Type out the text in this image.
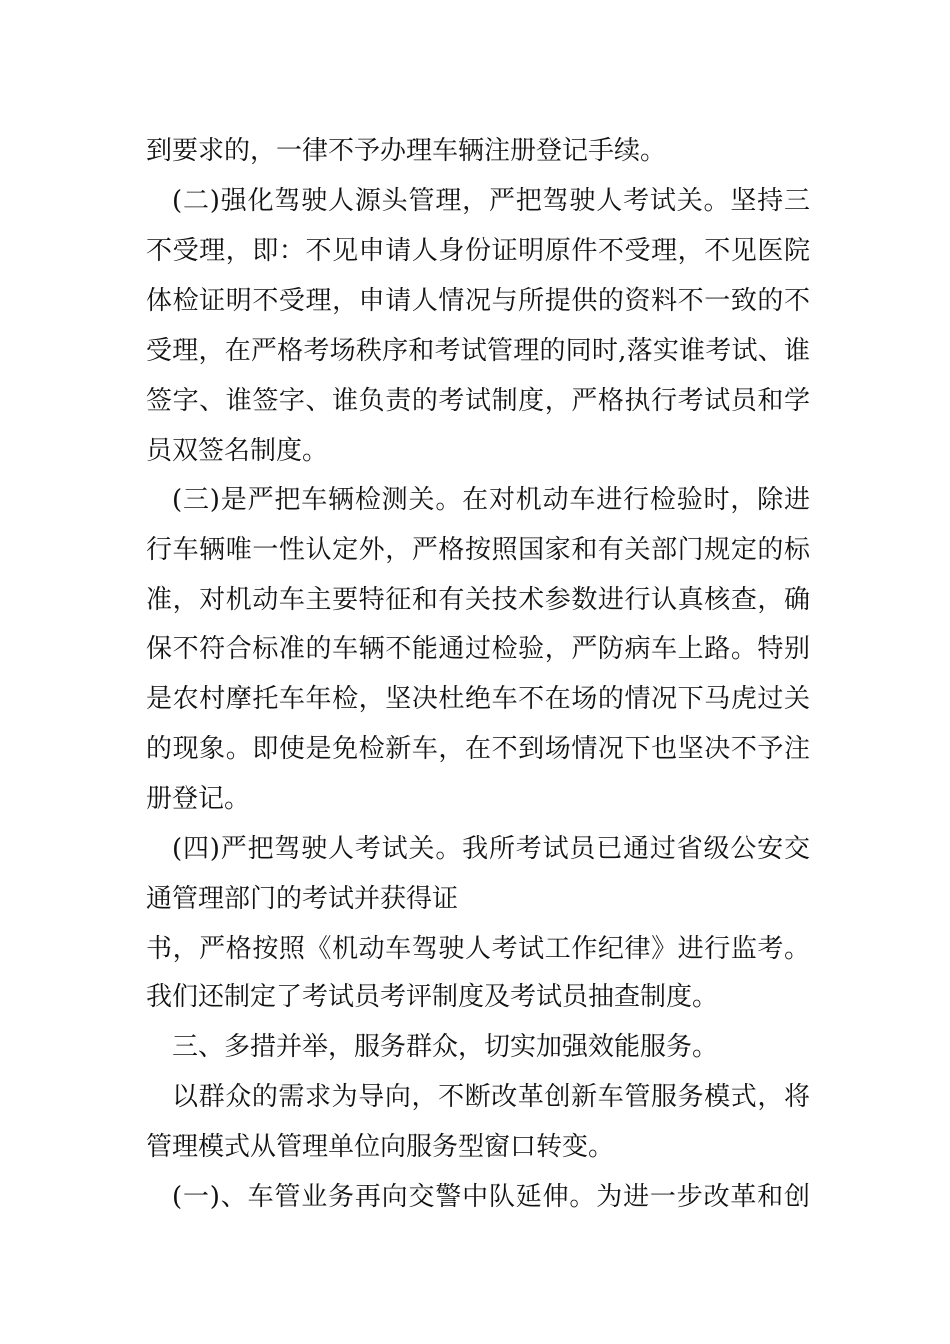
到要求的，一律不予办理车辆注册登记手续。
(二)强化驾驶人源头管理，严把驾驶人考试关。坚持三
不受理，即：不见申请人身份证明原件不受理，不见医院
体检证明不受理，申请人情况与所提供的资料不一致的不
受理，在严格考场秩序和考试管理的同时,落实谁考试、谁
签字、谁签字、谁负责的考试制度，严格执行考试员和学
员双签名制度。
(三)是严把车辆检测关。在对机动车进行检验时，除进
行车辆唯一性认定外，严格按照国家和有关部门规定的标
准，对机动车主要特征和有关技术参数进行认真核查，确
保不符合标准的车辆不能通过检验，严防病车上路。特别
是农村摩托车年检，坚决杜绝车不在场的情况下马虎过关
的现象。即使是免检新车，在不到场情况下也坚决不予注
册登记。
(四)严把驾驶人考试关。我所考试员已通过省级公安交
通管理部门的考试并获得证
书，严格按照《机动车驾驶人考试工作纪律》进行监考。
我们还制定了考试员考评制度及考试员抽查制度。
三、多措并举，服务群众，切实加强效能服务。
以群众的需求为导向，不断改革创新车管服务模式，将
管理模式从管理单位向服务型窗口转变。
(一)、车管业务再向交警中队延伸。为进一步改革和创
